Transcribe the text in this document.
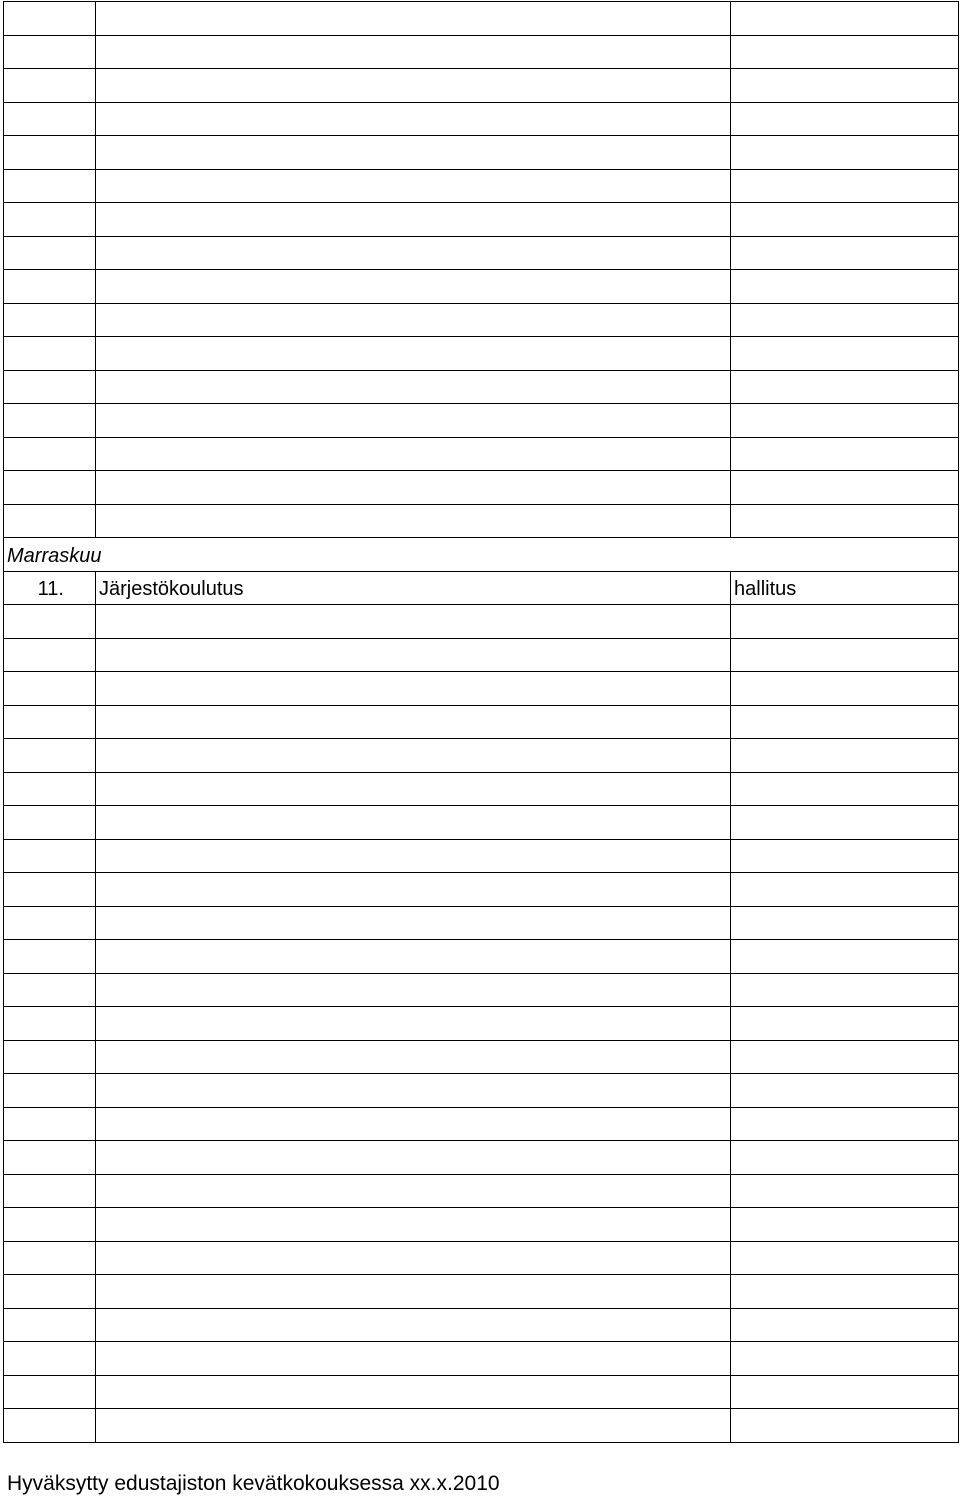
Marraskuu
11. Järjestökoulutus	hallitus
Hyväksytty edustajiston kevätkokouksessa xx.x.2010
